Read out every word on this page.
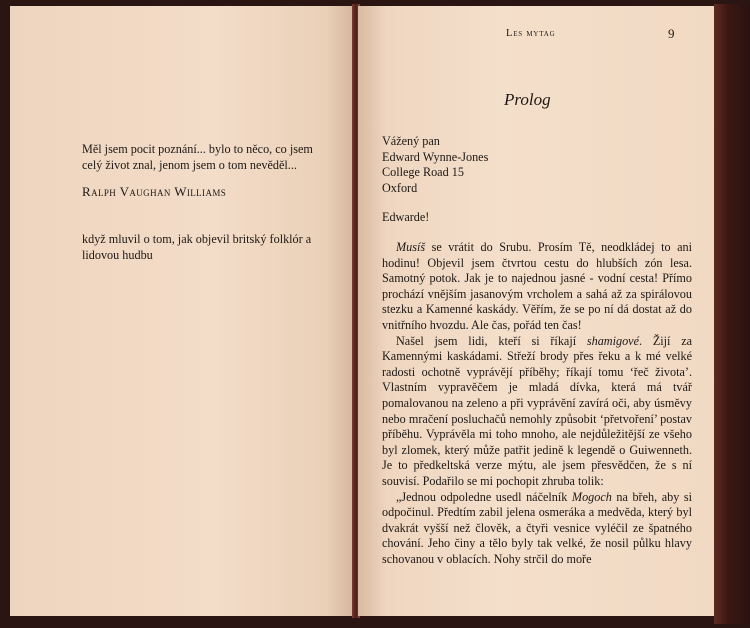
Měl jsem pocit poznání... bylo to něco, co jsem celý život znal, jenom jsem o tom nevěděl...
Ralph Vaughan Williams
když mluvil o tom, jak objevil britský folklór a lidovou hudbu
Les mytag	9
Prolog
Vážený pan
Edward Wynne-Jones
College Road 15
Oxford
Edwarde!

Musíš se vrátit do Srubu. Prosím Tě, neodkládej to ani hodinu! Objevil jsem čtvrtou cestu do hlubších zón lesa. Samotný potok. Jak je to najednou jasné - vodní cesta! Přímo prochází vnějším jasanovým vrcholem a sahá až za spirálovou stezku a Kamenné kaskády. Věřím, že se po ní dá dostat až do vnitřního hvozdu. Ale čas, pořád ten čas!

Našel jsem lidi, kteří si říkají shamigové. Žijí za Kamennými kaskádami. Střeží brody přes řeku a k mé velké radosti ochotně vyprávějí příběhy; říkají tomu ‘řeč života’. Vlastním vypravěčem je mladá dívka, která má tvář pomalovanou na zeleno a při vyprávění zavírá oči, aby úsměvy nebo mračení posluchačů nemohly způsobit ‘přetvoření’ postav příběhu. Vyprávěla mi toho mnoho, ale nejdůležitější ze všeho byl zlomek, který může patřit jedině k legendě o Guiwenneth. Je to předkeltská verze mýtu, ale jsem přesvědčen, že s ní souvisí. Podařilo se mi pochopit zhruba tolik:

„Jednou odpoledne usedl náčelník Mogoch na břeh, aby si odpočinul. Předtím zabil jelena osmeráka a medvěda, který byl dvakrát vyšší než člověk, a čtyři vesnice vyléčil ze špatného chování. Jeho činy a tělo byly tak velké, že nosil půlku hlavy schovanou v oblacích. Nohy strčil do moře
